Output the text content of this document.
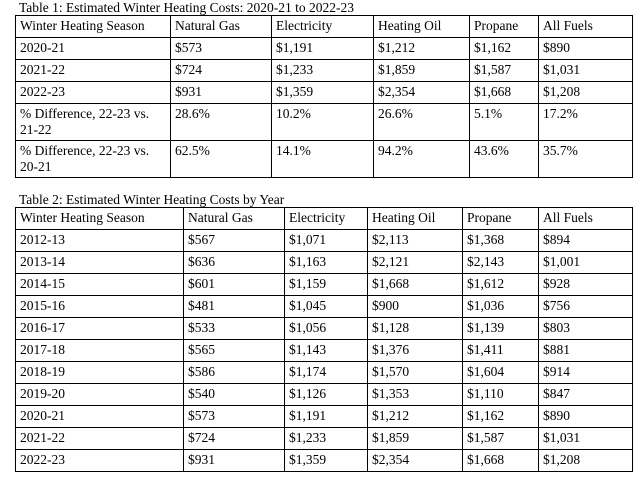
Table 1: Estimated Winter Heating Costs: 2020-21 to 2022-23
Winter Heating Season	Natural Gas	Electricity	Heating Oil	Propane	All Fuels
2020-21	$573	$1,191	$1,212	$1,162	$890
2021-22	$724	$1,233	$1,859	$1,587	$1,031
2022-23	$931	$1,359	$2,354	$1,668	$1,208
% Difference, 22-23 vs. 21-22	28.6%	10.2%	26.6%	5.1%	17.2%
% Difference, 22-23 vs. 20-21	62.5%	14.1%	94.2%	43.6%	35.7%
Table 2: Estimated Winter Heating Costs by Year
Winter Heating Season	Natural Gas	Electricity	Heating Oil	Propane	All Fuels
2012-13	$567	$1,071	$2,113	$1,368	$894
2013-14	$636	$1,163	$2,121	$2,143	$1,001
2014-15	$601	$1,159	$1,668	$1,612	$928
2015-16	$481	$1,045	$900	$1,036	$756
2016-17	$533	$1,056	$1,128	$1,139	$803
2017-18	$565	$1,143	$1,376	$1,411	$881
2018-19	$586	$1,174	$1,570	$1,604	$914
2019-20	$540	$1,126	$1,353	$1,110	$847
2020-21	$573	$1,191	$1,212	$1,162	$890
2021-22	$724	$1,233	$1,859	$1,587	$1,031
2022-23	$931	$1,359	$2,354	$1,668	$1,208
